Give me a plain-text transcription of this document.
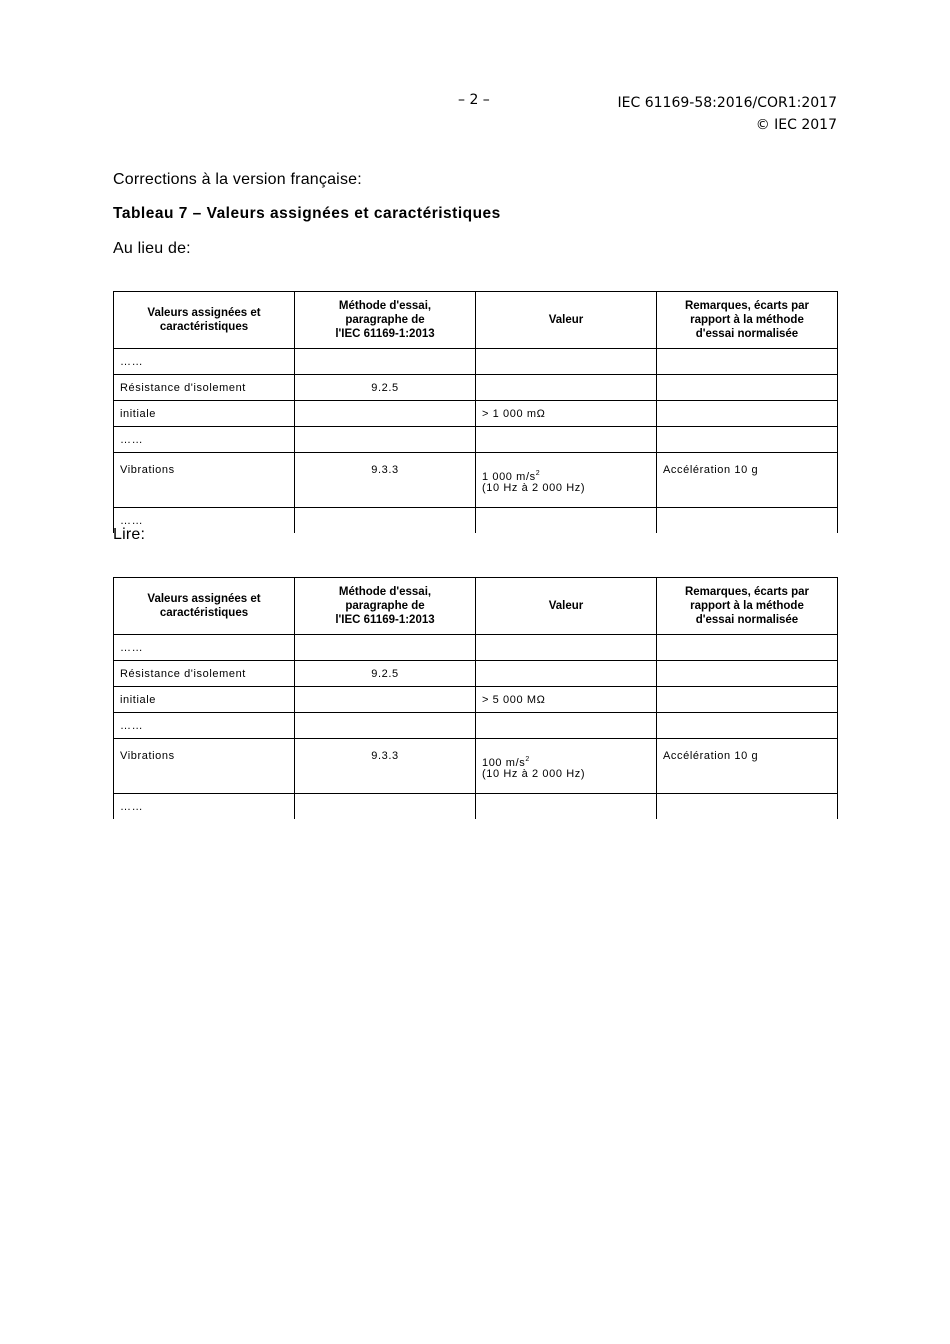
– 2 –	IEC 61169-58:2016/COR1:2017
© IEC 2017
Corrections à la version française:
Tableau 7 – Valeurs assignées et caractéristiques
Au lieu de:
Valeurs assignées et
caractéristiques	Méthode d'essai,
paragraphe de
l'IEC 61169-1:2013	Valeur	Remarques, écarts par
rapport à la méthode
d'essai normalisée
……			
Résistance d'isolement	9.2.5		
initiale		> 1 000 mΩ	
……			
Vibrations	9.3.3	1 000 $m/s^2$
(10 Hz à 2 000 Hz)	Accélération 10 g
……			
Lire:
Valeurs assignées et
caractéristiques	Méthode d'essai,
paragraphe de
l'IEC 61169-1:2013	Valeur	Remarques, écarts par
rapport à la méthode
d'essai normalisée
……			
Résistance d'isolement	9.2.5		
initiale		> 5 000 MΩ	
……			
Vibrations	9.3.3	100 $m/s^2$
(10 Hz à 2 000 Hz)	Accélération 10 g
……			
